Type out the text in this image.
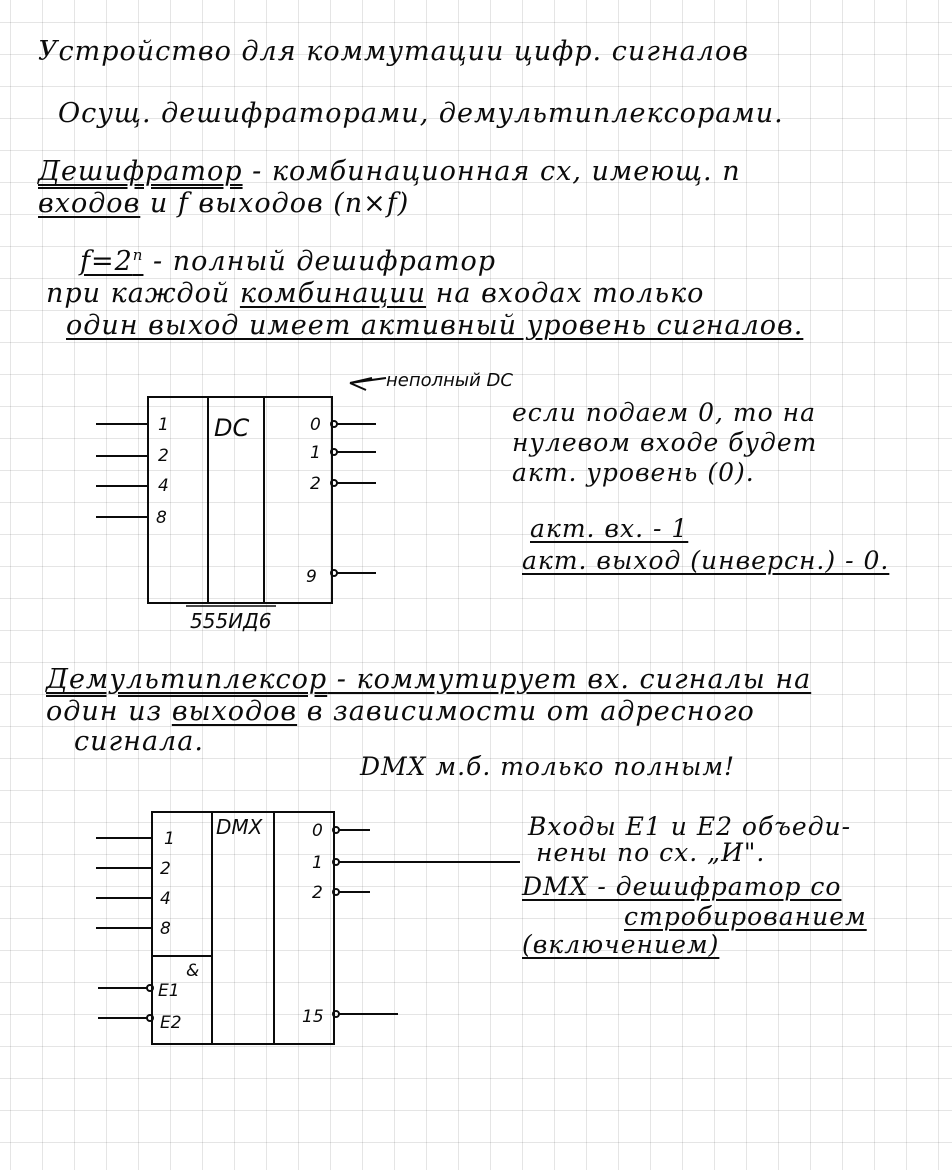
Устройство для коммутации цифр. сигналов
Осущ. дешифраторами, демультиплексорами.
Дешифратор - комбинационная сх, имеющ. n
входов и f выходов (n×f)
$f=2^n$ - полный дешифратор
при каждой комбинации на входах только
один выход имеет активный уровень сигналов.
DC
1
2
4
8
0
1
2
9
555ИД6
неполный DC
если подаем 0, то на
нулевом входе будет
акт. уровень (0).
акт. вх. - 1
акт. выход (инверсн.) - 0.
Демультиплексор - коммутирует вх. сигналы на
один из выходов в зависимости от адресного
сигнала.
DMX м.б. только полным!
DMX
1
2
4
8
&
E1
E2
0
1
2
15
Входы E1 и E2 объеди-
нены по сх. „И".
DMX - дешифратор со
стробированием
(включением)
